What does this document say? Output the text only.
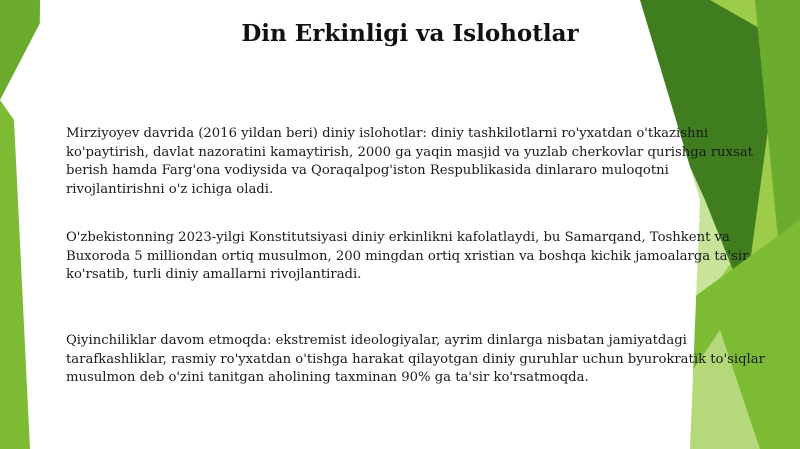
Din Erkinligi va Islohotlar

Mirziyoyev davrida (2016 yildan beri) diniy islohotlar: diniy tashkilotlarni ro'yxatdan o'tkazishni ko'paytirish, davlat nazoratini kamaytirish, 2000 ga yaqin masjid va yuzlab cherkovlar qurishga ruxsat berish hamda Farg'ona vodiysida va Qoraqalpog'iston Respublikasida dinlararo muloqotni rivojlantirishni o'z ichiga oladi.

O'zbekistonning 2023-yilgi Konstitutsiyasi diniy erkinlikni kafolatlaydi, bu Samarqand, Toshkent va Buxoroda 5 milliondan ortiq musulmon, 200 mingdan ortiq xristian va boshqa kichik jamoalarga ta'sir ko'rsatib, turli diniy amallarni rivojlantiradi.

Qiyinchiliklar davom etmoqda: ekstremist ideologiyalar, ayrim dinlarga nisbatan jamiyatdagi tarafkashliklar, rasmiy ro'yxatdan o'tishga harakat qilayotgan diniy guruhlar uchun byurokratik to'siqlar musulmon deb o'zini tanitgan aholining taxminan 90% ga ta'sir ko'rsatmoqda.
